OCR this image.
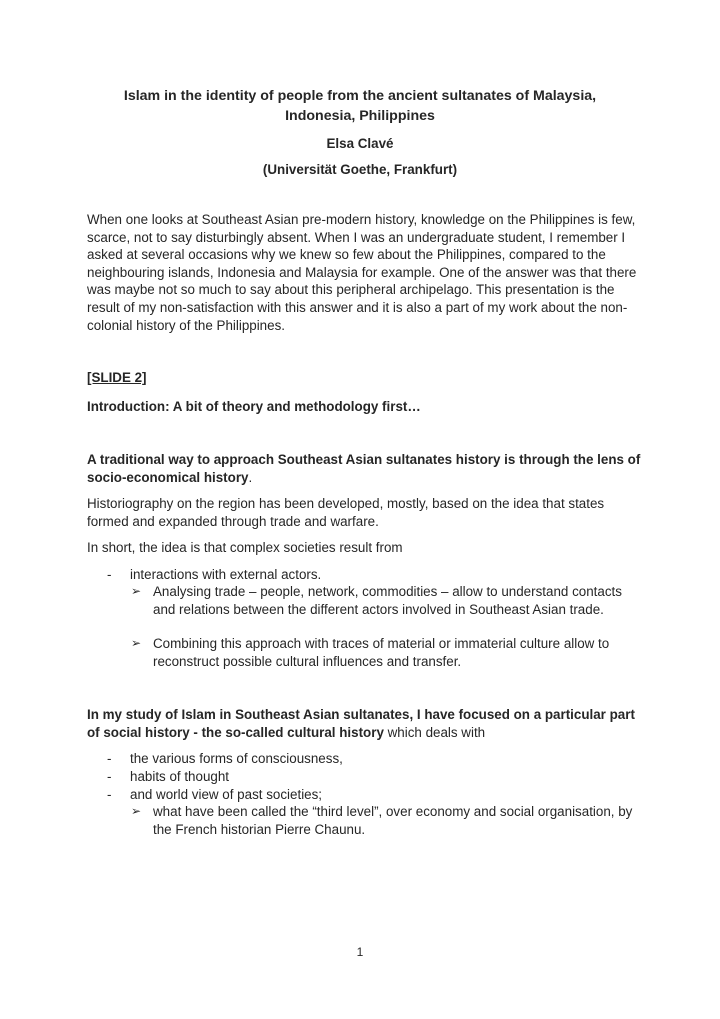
Islam in the identity of people from the ancient sultanates of Malaysia, Indonesia, Philippines
Elsa Clavé
(Universität Goethe, Frankfurt)
When one looks at Southeast Asian pre-modern history, knowledge on the Philippines is few, scarce, not to say disturbingly absent. When I was an undergraduate student, I remember I asked at several occasions why we knew so few about the Philippines, compared to the neighbouring islands, Indonesia and Malaysia for example. One of the answer was that there was maybe not so much to say about this peripheral archipelago. This presentation is the result of my non-satisfaction with this answer and it is also a part of my work about the non-colonial history of the Philippines.
[SLIDE 2]
Introduction: A bit of theory and methodology first…
A traditional way to approach Southeast Asian sultanates history is through the lens of socio-economical history.
Historiography on the region has been developed, mostly, based on the idea that states formed and expanded through trade and warfare.
In short, the idea is that complex societies result from
- interactions with external actors.
➢ Analysing trade – people, network, commodities – allow to understand contacts and relations between the different actors involved in Southeast Asian trade.
➢ Combining this approach with traces of material or immaterial culture allow to reconstruct possible cultural influences and transfer.
In my study of Islam in Southeast Asian sultanates, I have focused on a particular part of social history - the so-called cultural history which deals with
- the various forms of consciousness,
- habits of thought
- and world view of past societies;
➢ what have been called the “third level”, over economy and social organisation, by the French historian Pierre Chaunu.
1
